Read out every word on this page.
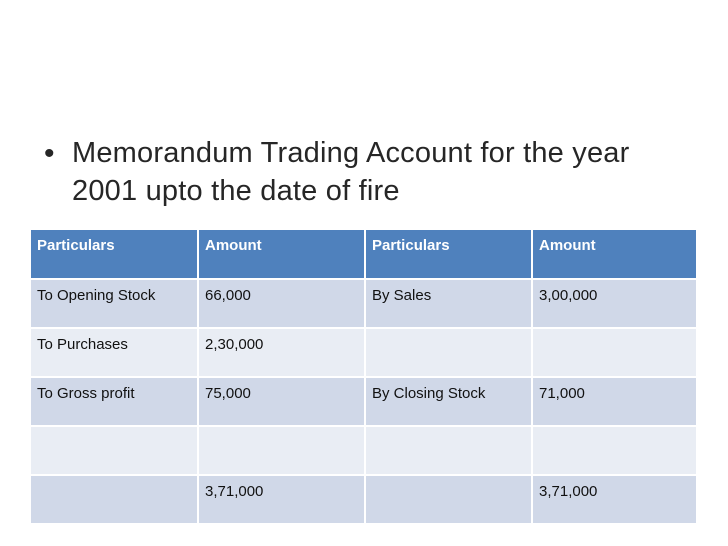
• Memorandum Trading Account for the year
2001 upto the date of fire
Particulars	Amount	Particulars	Amount
To Opening Stock	66,000	By Sales	3,00,000
To Purchases	2,30,000		
To Gross profit	75,000	By Closing Stock	71,000

	3,71,000		3,71,000
